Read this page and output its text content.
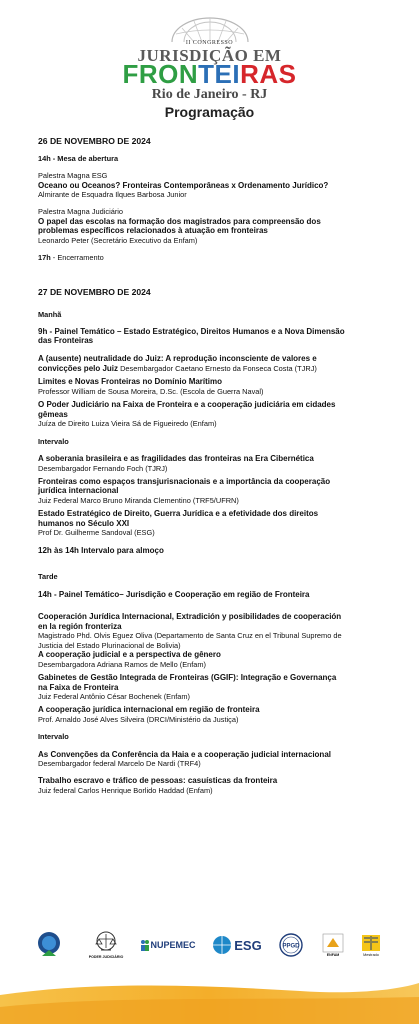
II CONGRESSO
JURISDIÇÃO EM
FRONTEIRAS
Rio de Janeiro - RJ
Programação

26 DE NOVEMBRO DE 2024

14h - Mesa de abertura

Palestra Magna ESG

Oceano ou Oceanos? Fronteiras Contemporâneas x Ordenamento Jurídico?

Almirante de Esquadra Ilques Barbosa Junior

Palestra Magna Judiciário

O papel das escolas na formação dos magistrados para compreensão dos

problemas específicos relacionados à atuação em fronteiras

Leonardo Peter (Secretário Executivo da Enfam)

17h - Encerramento

27 DE NOVEMBRO DE 2024

Manhã

9h - Painel Temático – Estado Estratégico, Direitos Humanos e a Nova Dimensão

das Fronteiras

A (ausente) neutralidade do Juiz: A reprodução inconsciente de valores e

convicções pelo Juiz Desembargador Caetano Ernesto da Fonseca Costa (TJRJ)

Limites e Novas Fronteiras no Domínio Marítimo

Professor William de Sousa Moreira, D.Sc. (Escola de Guerra Naval)

O Poder Judiciário na Faixa de Fronteira e a cooperação judiciária em cidades

gêmeas

Juíza de Direito Luiza Vieira Sá de Figueiredo (Enfam)

Intervalo

A soberania brasileira e as fragilidades das fronteiras na Era Cibernética

Desembargador Fernando Foch (TJRJ)

Fronteiras como espaços transjurisnacionais e a importância da cooperação

jurídica internacional

Juiz Federal Marco Bruno Miranda Clementino (TRF5/UFRN)

Estado Estratégico de Direito, Guerra Jurídica e a efetividade dos direitos

humanos no Século XXI

Prof Dr. Guilherme Sandoval (ESG)

12h às 14h Intervalo para almoço

Tarde

14h - Painel Temático– Jurisdição e Cooperação em região de Fronteira

Cooperación Jurídica Internacional, Extradición y posibilidades de cooperación

en la región fronteriza

Magistrado Phd. Olvis Eguez Oliva (Departamento de Santa Cruz en el Tribunal Supremo de

Justicia del Estado Plurinacional de Bolivia)

A cooperação judicial e a perspectiva de gênero

Desembargadora Adriana Ramos de Mello (Enfam)

Gabinetes de Gestão Integrada de Fronteiras (GGIF): Integração e Governança

na Faixa de Fronteira

Juiz Federal Antônio César Bochenek (Enfam)

A cooperação jurídica internacional em região de fronteira

Prof. Arnaldo José Alves Silveira (DRCI/Ministério da Justiça)

Intervalo

As Convenções da Conferência da Haia e a cooperação judicial internacional

Desembargador federal Marcelo De Nardi (TRF4)

Trabalho escravo e tráfico de pessoas: casuísticas da fronteira

Juiz federal Carlos Henrique Borlido Haddad (Enfam)

PODER JUDICIÁRIO
NUPEMEC	ESG	PPGD
ENFAM	Mestrado
